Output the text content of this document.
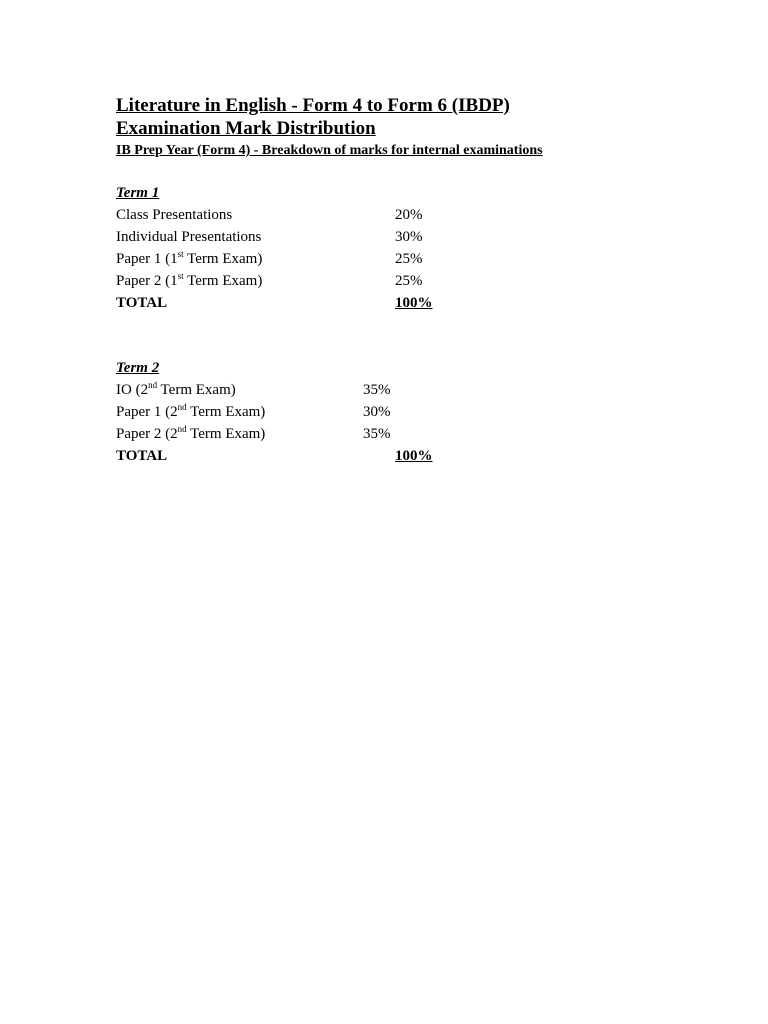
Literature in English - Form 4 to Form 6 (IBDP)
Examination Mark Distribution

IB Prep Year (Form 4) - Breakdown of marks for internal examinations

Term 1

Class Presentations	20%
Individual Presentations	30%
Paper 1 (1st Term Exam)	25%
Paper 2 (1st Term Exam)	25%
TOTAL	100%

Term 2

IO (2nd Term Exam)	35%
Paper 1 (2nd Term Exam)	30%
Paper 2 (2nd Term Exam)	35%
TOTAL	100%
